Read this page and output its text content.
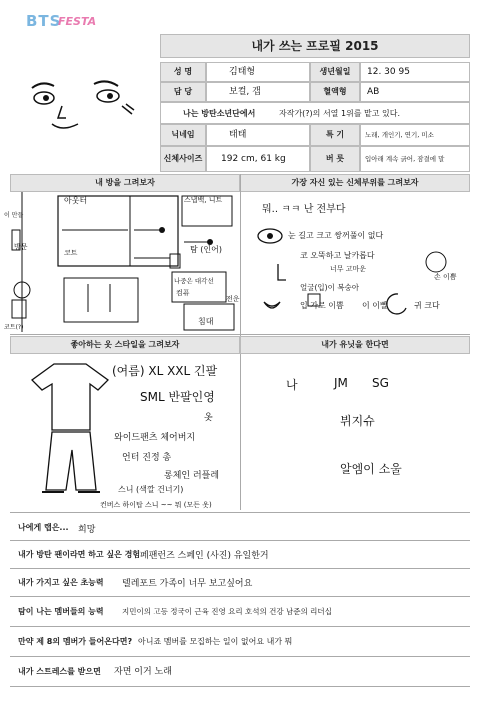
BTS
FESTA
내가 쓰는 프로필 2015
성 명	김태형	생년월일	12. 30 95
담 당	보컬, 갭	혈액형	AB
나는 방탄소년단에서	자작가(?)의 서열 1위를 맡고 있다.
닉네임	태태	특 기	노래, 개인기, 연기, 미소
신체사이즈	192 cm, 61 kg	버 릇	입아래 계속 긁어, 잠결에 말
내 방을 그려보자	가장 자신 있는 신체부위를 그려보자
아웃터	스냅백, 니트
코트	탐 (인어)
나중은 대각선
컴퓨
침대
전운
방문
이 만들
코트(?)
뭐.. ㅋㅋ 난 전부다
눈 길고 크고 쌍꺼풀이 없다
코 오뚝하고 날카롭다
너무 고마운
얼굴(입)이 복숭아
입 가로 이쁨 이 이빨	귀 크다
손 이쁨
좋아하는 옷 스타일을 그려보자	내가 유닛을 한다면
(여름) XL XXL 긴팔
SML 반팔인영
옷
와이드팬츠 체어버지
언터 진정 총
롱체인 러플레
스니 (색깔 건너기)
컨버스 하이탑 스니 ~~ 뭐 (모든 옷)
나	JM SG
뷔지슈
알엠이 소울
나에게 랩은... 희망
내가 방탄 팬이라면 하고 싶은 경험 페팬런즈 스페인 (사진) 유일한거
내가 가지고 싶은 초능력 텔레포트 가족이 너무 보고싶어요
탐이 나는 멤버들의 능력 지민이의 고등 정국이 근육 진영 요리 호석의 건강 남준의 리더십
만약 제 8의 멤버가 들어온다면? 아니죠 멤버를 모집하는 일이 없어요 내가 뭐
내가 스트레스를 받으면 자면 이거 노래
